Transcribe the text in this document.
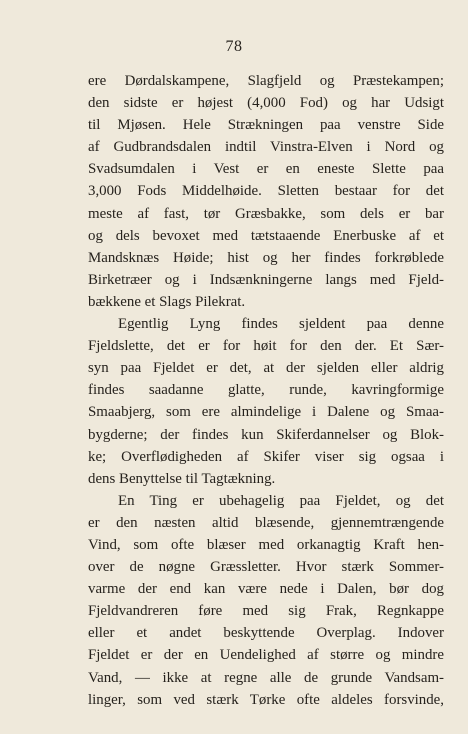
78
ere Dørdalskampene, Slagfjeld og Præstekampen;
den sidste er højest (4,000 Fod) og har Udsigt
til Mjøsen. Hele Strækningen paa venstre Side
af Gudbrandsdalen indtil Vinstra-Elven i Nord og
Svadsumdalen i Vest er en eneste Slette paa
3,000 Fods Middelhøide. Sletten bestaar for det
meste af fast, tør Græsbakke, som dels er bar
og dels bevoxet med tætstaaende Enerbuske af et
Mandsknæs Høide; hist og her findes forkrøblede
Birketræer og i Indsænkningerne langs med Fjeld-
bækkene et Slags Pilekrat.
Egentlig Lyng findes sjeldent paa denne
Fjeldslette, det er for høit for den der. Et Sær-
syn paa Fjeldet er det, at der sjelden eller aldrig
findes saadanne glatte, runde, kavringformige
Smaabjerg, som ere almindelige i Dalene og Smaa-
bygderne; der findes kun Skiferdannelser og Blok-
ke; Overflødigheden af Skifer viser sig ogsaa i
dens Benyttelse til Tagtækning.
En Ting er ubehagelig paa Fjeldet, og det
er den næsten altid blæsende, gjennemtrængende
Vind, som ofte blæser med orkanagtig Kraft hen-
over de nøgne Græssletter. Hvor stærk Sommer-
varme der end kan være nede i Dalen, bør dog
Fjeldvandreren føre med sig Frak, Regnkappe
eller et andet beskyttende Overplag. Indover
Fjeldet er der en Uendelighed af større og mindre
Vand, — ikke at regne alle de grunde Vandsam-
linger, som ved stærk Tørke ofte aldeles forsvinde,
